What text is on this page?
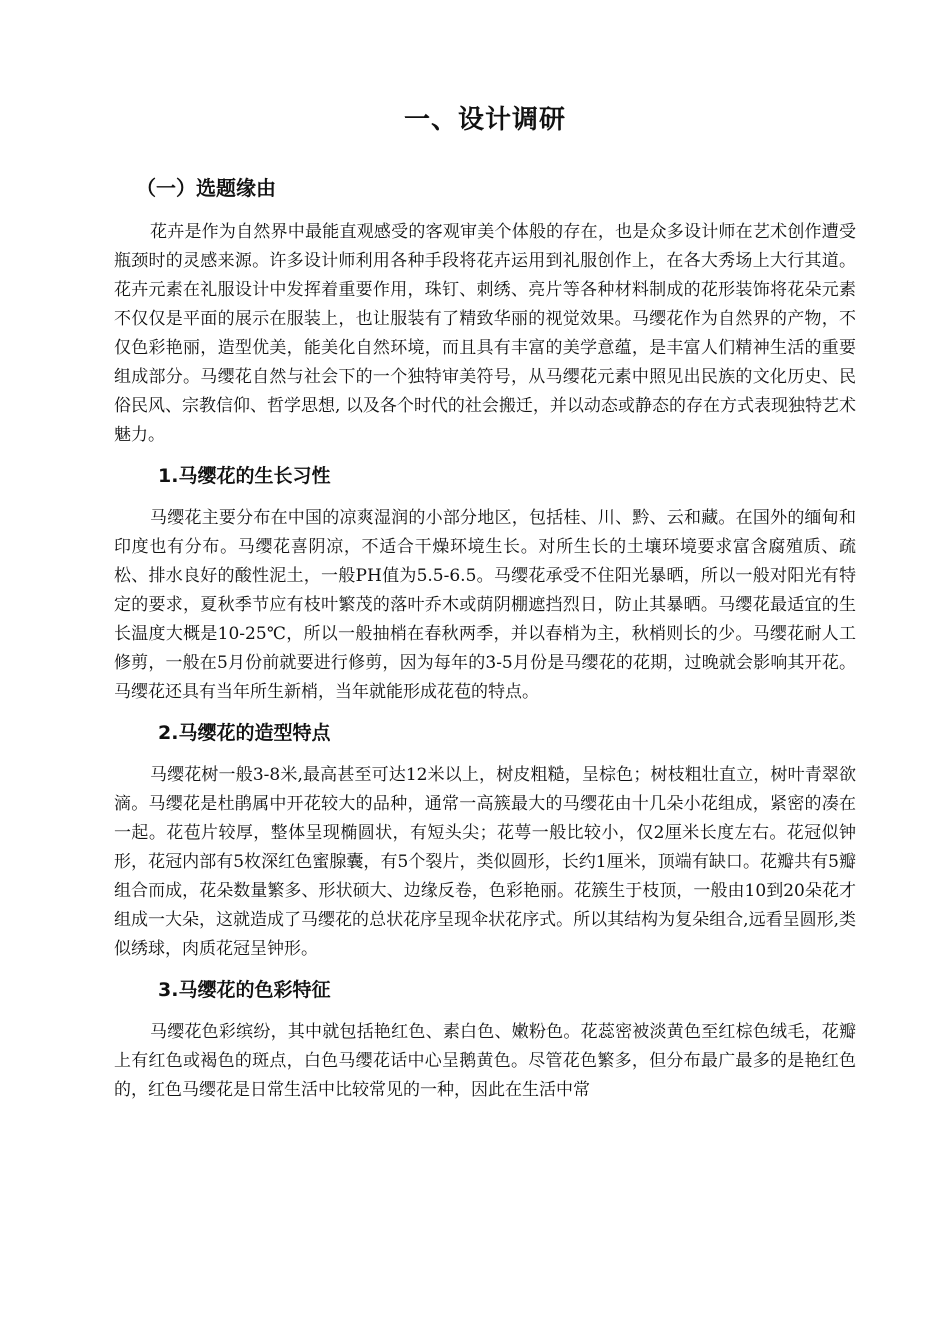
一、设计调研
（一）选题缘由

花卉是作为自然界中最能直观感受的客观审美个体般的存在，也是众多设计师在艺术创作遭受瓶颈时的灵感来源。许多设计师利用各种手段将花卉运用到礼服创作上，在各大秀场上大行其道。花卉元素在礼服设计中发挥着重要作用，珠钉、刺绣、亮片等各种材料制成的花形装饰将花朵元素不仅仅是平面的展示在服装上，也让服装有了精致华丽的视觉效果。马缨花作为自然界的产物，不仅色彩艳丽，造型优美，能美化自然环境，而且具有丰富的美学意蕴，是丰富人们精神生活的重要组成部分。马缨花自然与社会下的一个独特审美符号，从马缨花元素中照见出民族的文化历史、民俗民风、宗教信仰、哲学思想, 以及各个时代的社会搬迁，并以动态或静态的存在方式表现独特艺术魅力。

1.马缨花的生长习性

马缨花主要分布在中国的凉爽湿润的小部分地区，包括桂、川、黔、云和藏。在国外的缅甸和印度也有分布。马缨花喜阴凉，不适合干燥环境生长。对所生长的土壤环境要求富含腐殖质、疏松、排水良好的酸性泥土，一般PH值为5.5-6.5。马缨花承受不住阳光暴晒，所以一般对阳光有特定的要求，夏秋季节应有枝叶繁茂的落叶乔木或荫阴棚遮挡烈日，防止其暴晒。马缨花最适宜的生长温度大概是10-25℃，所以一般抽梢在春秋两季，并以春梢为主，秋梢则长的少。马缨花耐人工修剪，一般在5月份前就要进行修剪，因为每年的3-5月份是马缨花的花期，过晚就会影响其开花。马缨花还具有当年所生新梢，当年就能形成花苞的特点。

2.马缨花的造型特点

马缨花树一般3-8米,最高甚至可达12米以上，树皮粗糙，呈棕色；树枝粗壮直立，树叶青翠欲滴。马缨花是杜鹃属中开花较大的品种，通常一高簇最大的马缨花由十几朵小花组成，紧密的凑在一起。花苞片较厚，整体呈现椭圆状，有短头尖；花萼一般比较小，仅2厘米长度左右。花冠似钟形，花冠内部有5枚深红色蜜腺囊，有5个裂片，类似圆形，长约1厘米，顶端有缺口。花瓣共有5瓣组合而成，花朵数量繁多、形状硕大、边缘反卷，色彩艳丽。花簇生于枝顶，一般由10到20朵花才组成一大朵，这就造成了马缨花的总状花序呈现伞状花序式。所以其结构为复朵组合,远看呈圆形,类似绣球，肉质花冠呈钟形。

3.马缨花的色彩特征

马缨花色彩缤纷，其中就包括艳红色、素白色、嫩粉色。花蕊密被淡黄色至红棕色绒毛，花瓣上有红色或褐色的斑点，白色马缨花话中心呈鹅黄色。尽管花色繁多，但分布最广最多的是艳红色的，红色马缨花是日常生活中比较常见的一种，因此在生活中常
